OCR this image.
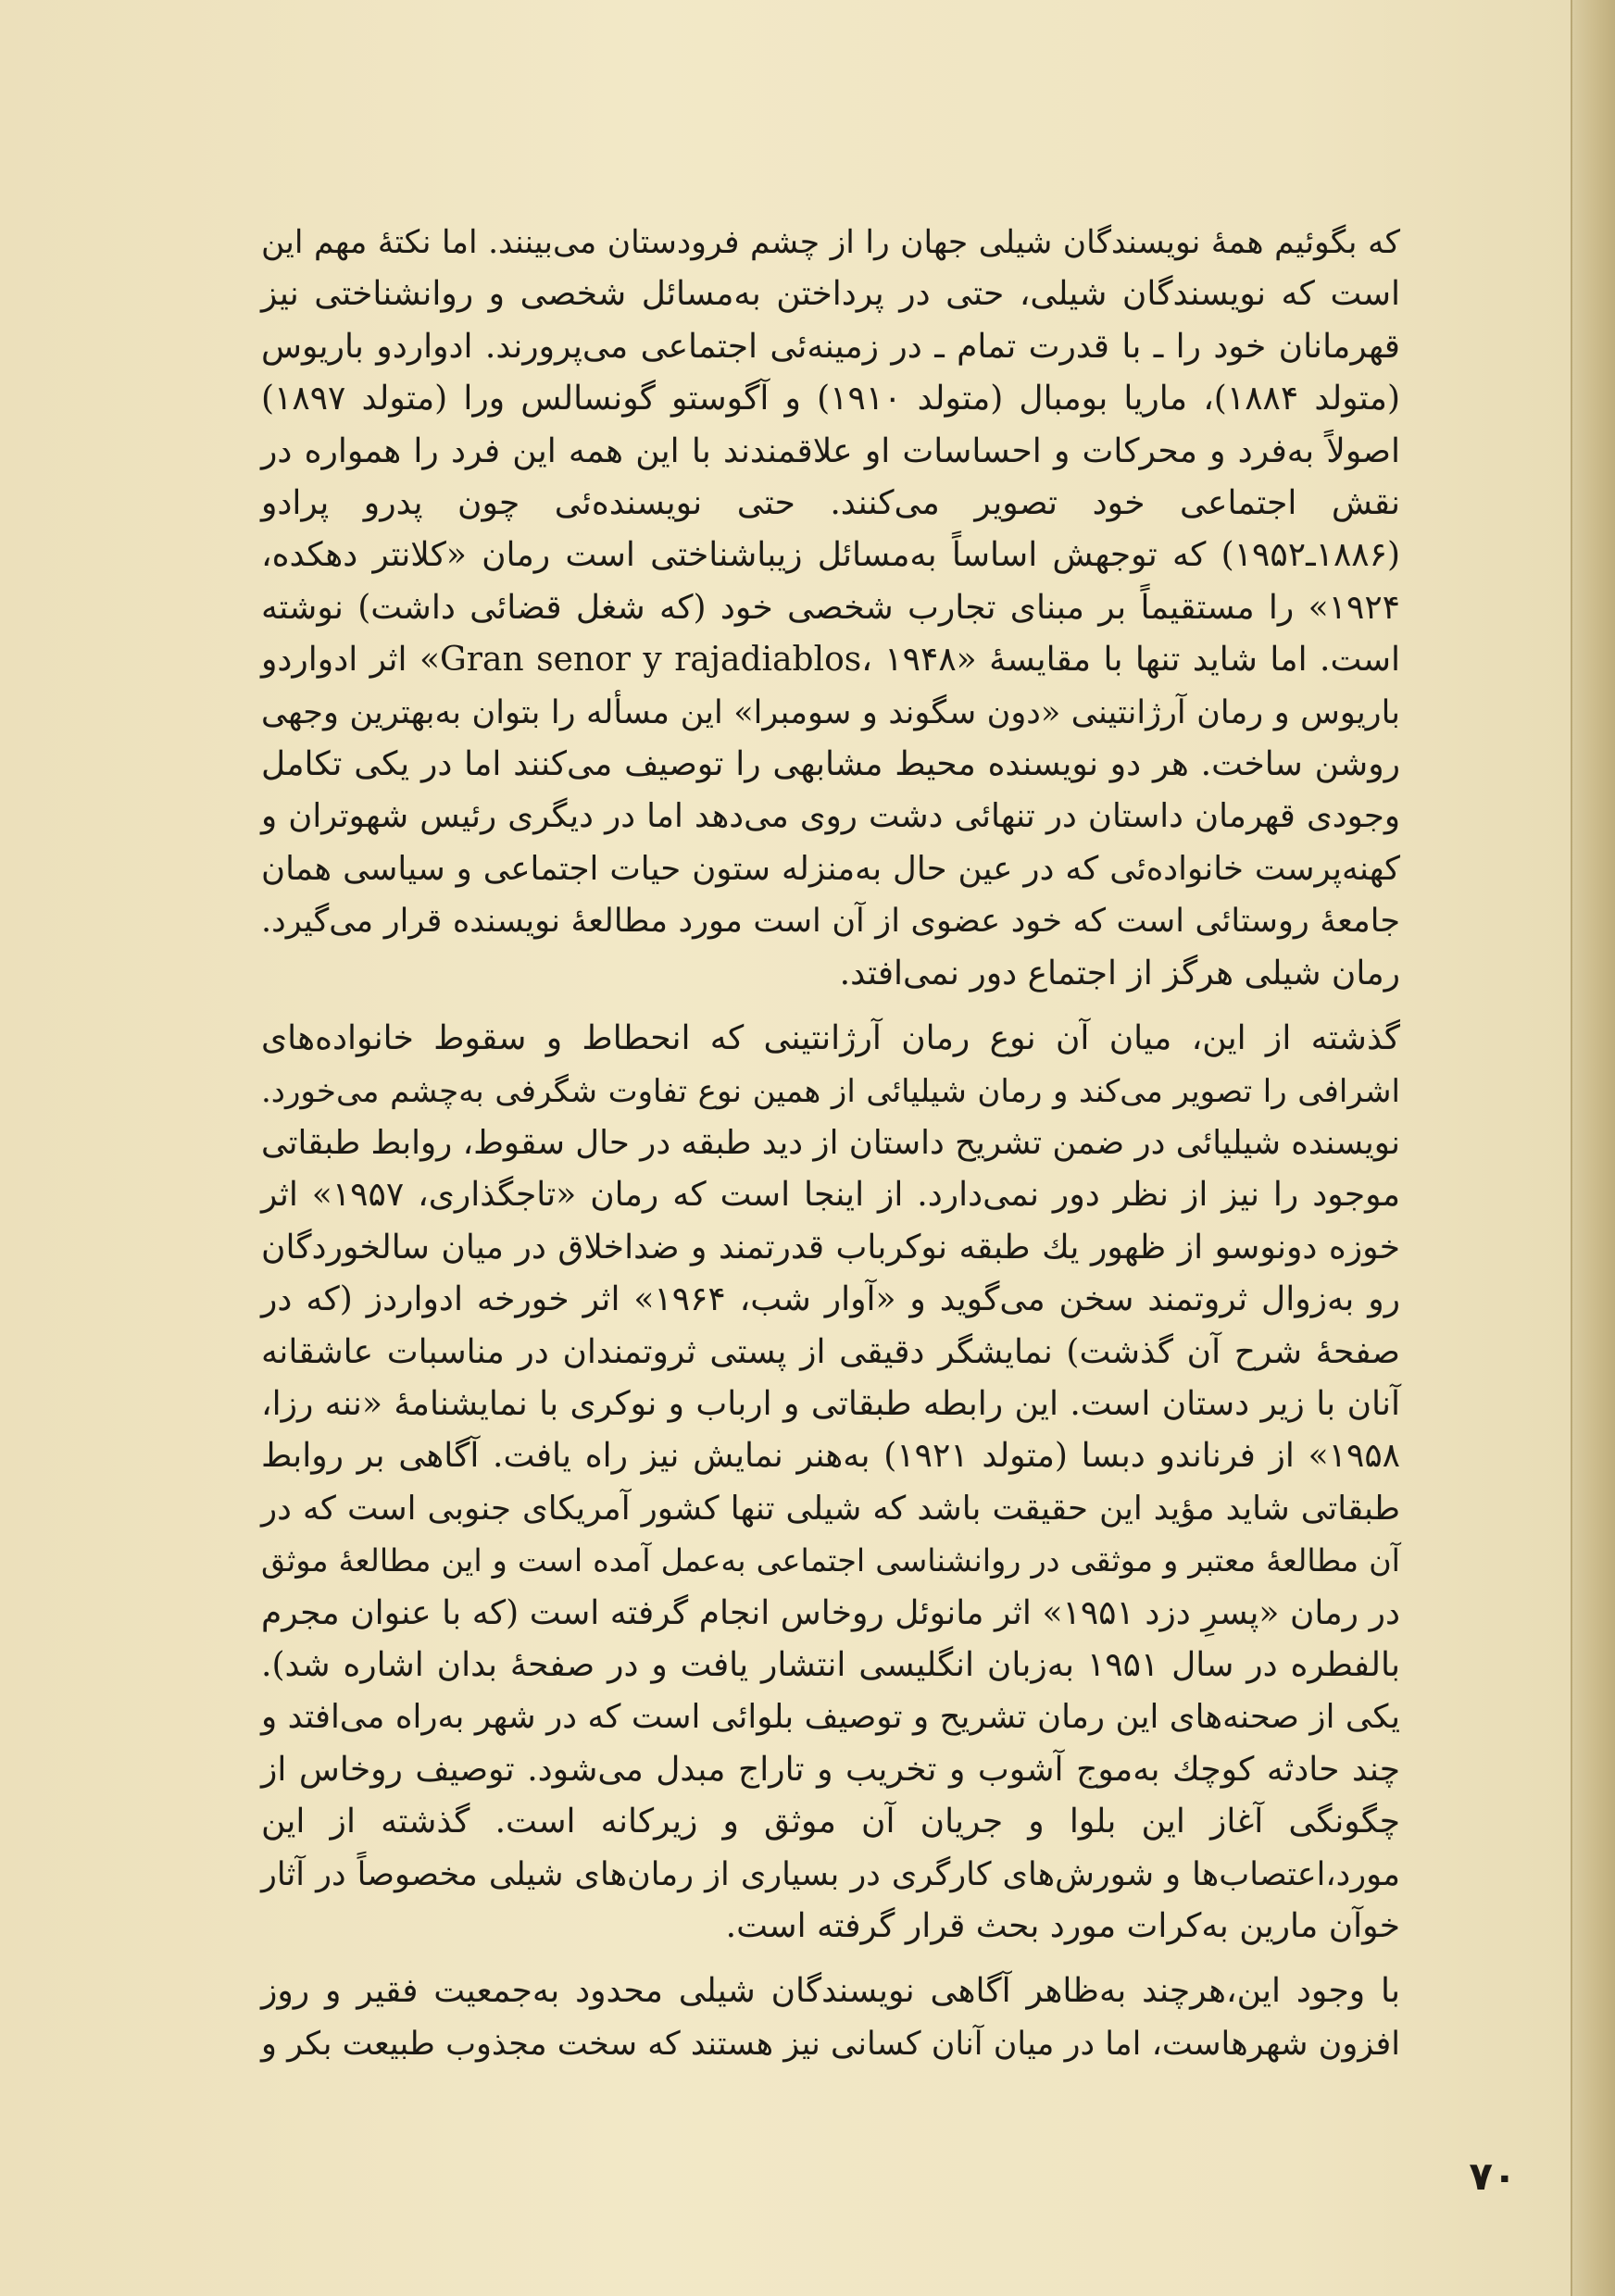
که بگوئیم همهٔ نویسندگان شیلی جهان را از چشم فرودستان می‌بینند. اما نکتهٔ مهم این
است که نویسندگان شیلی، حتی در پرداختن به‌مسائل شخصی و روانشناختی نیز
قهرمانان خود را ـ با قدرت تمام ـ در زمینه‌ئی اجتماعی می‌پرورند. ادواردو باریوس
(متولد ۱۸۸۴)، ماریا بومبال (متولد ۱۹۱۰) و آگوستو گونسالس ورا (متولد ۱۸۹۷)
اصولاً به‌فرد و محرکات و احساسات او علاقمندند با این همه این فرد را همواره در
نقش اجتماعی خود تصویر می‌کنند. حتی نویسنده‌ئی چون پدرو پرادو
(۱۸۸۶ـ۱۹۵۲) که توجهش اساساً به‌مسائل زیباشناختی است رمان «کلانتر دهکده،
۱۹۲۴» را مستقیماً بر مبنای تجارب شخصی خود (که شغل قضائی داشت) نوشته
است. اما شاید تنها با مقایسهٔ «Gran senor y rajadiablos، ۱۹۴۸» اثر ادواردو
باریوس و رمان آرژانتینی «دون سگوند و سومبرا» این مسأله را بتوان به‌بهترین وجهی
روشن ساخت. هر دو نویسنده محیط مشابهی را توصیف می‌کنند اما در یکی تکامل
وجودی قهرمان داستان در تنهائی دشت روی می‌دهد اما در دیگری رئیس شهوتران و
کهنه‌پرست خانواده‌ئی که در عین حال به‌منزله ستون حیات اجتماعی و سیاسی همان
جامعهٔ روستائی است که خود عضوی از آن است مورد مطالعهٔ نویسنده قرار می‌گیرد.
رمان شیلی هرگز از اجتماع دور نمی‌افتد.

گذشته از این، میان آن نوع رمان آرژانتینی که انحطاط و سقوط خانواده‌های
اشرافی را تصویر می‌کند و رمان شیلیائی از همین نوع تفاوت شگرفی به‌چشم می‌خورد.
نویسنده شیلیائی در ضمن تشریح داستان از دید طبقه در حال سقوط، روابط طبقاتی
موجود را نیز از نظر دور نمی‌دارد. از اینجا است که رمان «تاجگذاری، ۱۹۵۷» اثر
خوزه دونوسو از ظهور یك طبقه نوکرباب قدرتمند و ضداخلاق در میان سالخوردگان
رو به‌زوال ثروتمند سخن می‌گوید و «آوار شب، ۱۹۶۴» اثر خورخه ادواردز (که در
صفحهٔ شرح آن گذشت) نمایشگر دقیقی از پستی ثروتمندان در مناسبات عاشقانه
آنان با زیر دستان است. این رابطه طبقاتی و ارباب و نوکری با نمایشنامهٔ «ننه رزا،
۱۹۵۸» از فرناندو دبسا (متولد ۱۹۲۱) به‌هنر نمایش نیز راه یافت. آگاهی بر روابط
طبقاتی شاید مؤید این حقیقت باشد که شیلی تنها کشور آمریکای جنوبی است که در
آن مطالعهٔ معتبر و موثقی در روانشناسی اجتماعی به‌عمل آمده است و این مطالعهٔ موثق
در رمان «پسرِ دزد ۱۹۵۱» اثر مانوئل روخاس انجام گرفته است (که با عنوان مجرم
بالفطره در سال ۱۹۵۱ به‌زبان انگلیسی انتشار یافت و در صفحهٔ بدان اشاره شد).
یکی از صحنه‌های این رمان تشریح و توصیف بلوائی است که در شهر به‌راه می‌افتد و
چند حادثه کوچك به‌موج آشوب و تخریب و تاراج مبدل می‌شود. توصیف روخاس از
چگونگی آغاز این بلوا و جریان آن موثق و زیرکانه است. گذشته از این
مورد،اعتصاب‌ها و شورش‌های کارگری در بسیاری از رمان‌های شیلی مخصوصاً در آثار
خوآن مارین به‌کرات مورد بحث قرار گرفته است.

با وجود این،هرچند به‌ظاهر آگاهی نویسندگان شیلی محدود به‌جمعیت فقیر و روز
افزون شهرهاست، اما در میان آنان کسانی نیز هستند که سخت مجذوب طبیعت بکر و

۷۰
